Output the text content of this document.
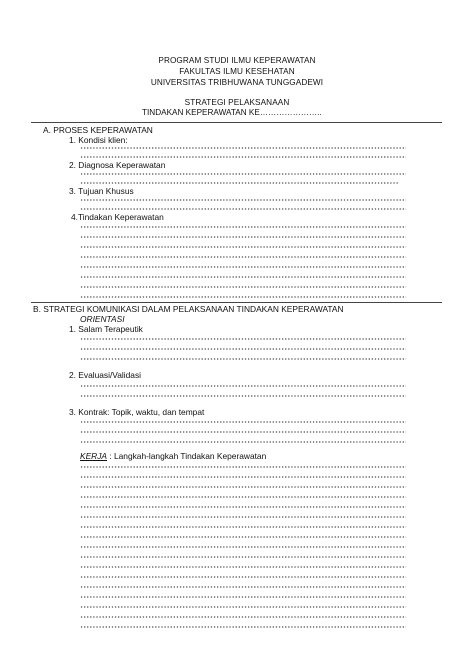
PROGRAM STUDI ILMU KEPERAWATAN
FAKULTAS ILMU KESEHATAN
UNIVERSITAS TRIBHUWANA TUNGGADEWI
STRATEGI PELAKSANAAN
TINDAKAN KEPERAWATAN KE…………………..
A. PROSES KEPERAWATAN
1. Kondisi klien:
2. Diagnosa Keperawatan
3. Tujuan Khusus
4.Tindakan Keperawatan
B. STRATEGI KOMUNIKASI DALAM PELAKSANAAN TINDAKAN KEPERAWATAN
ORIENTASI
1. Salam Terapeutik
2. Evaluasi/Validasi
3. Kontrak: Topik, waktu, dan tempat
KERJA : Langkah-langkah Tindakan Keperawatan
